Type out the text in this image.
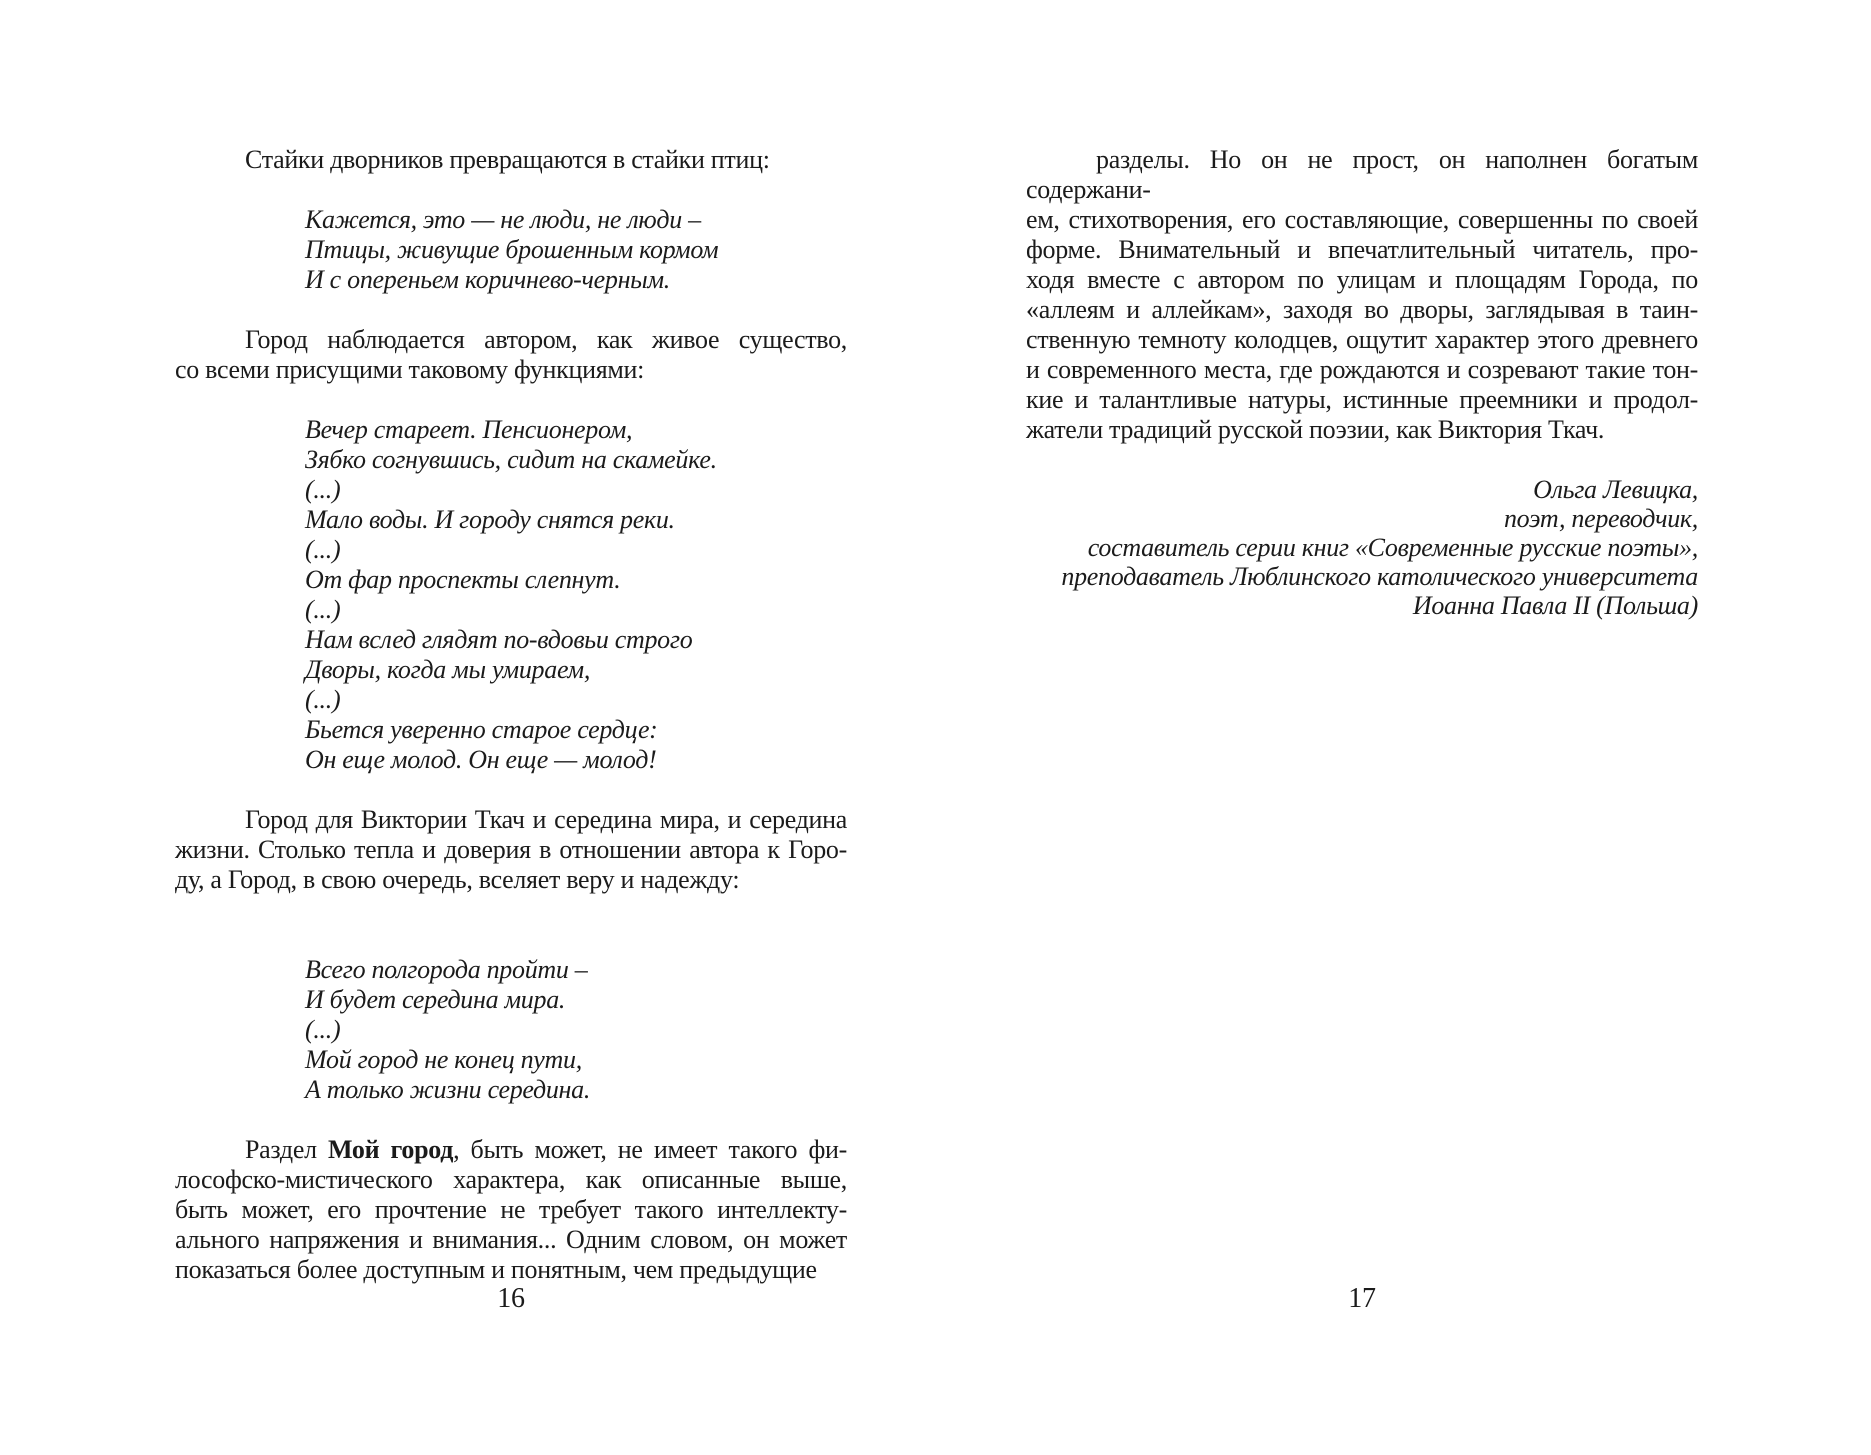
Стайки дворников превращаются в стайки птиц:
Кажется, это — не люди, не люди –
Птицы, живущие брошенным кормом
И с опереньем коричнево-черным.
Город наблюдается автором, как живое существо,
со всеми присущими таковому функциями:
Вечер стареет. Пенсионером,
Зябко согнувшись, сидит на скамейке.
(...)
Мало воды. И городу снятся реки.
(...)
От фар проспекты слепнут.
(...)
Нам вслед глядят по-вдовьи строго
Дворы, когда мы умираем,
(...)
Бьется уверенно старое сердце:
Он еще молод. Он еще — молод!
Город для Виктории Ткач и середина мира, и середина
жизни. Столько тепла и доверия в отношении автора к Горо-
ду, а Город, в свою очередь, вселяет веру и надежду:
Всего полгорода пройти –
И будет середина мира.
(...)
Мой город не конец пути,
А только жизни середина.
Раздел Мой город, быть может, не имеет такого фи-
лософско-мистического характера, как описанные выше,
быть может, его прочтение не требует такого интеллекту-
ального напряжения и внимания... Одним словом, он может
показаться более доступным и понятным, чем предыдущие
разделы. Но он не прост, он наполнен богатым содержани-
ем, стихотворения, его составляющие, совершенны по своей
форме. Внимательный и впечатлительный читатель, про-
ходя вместе с автором по улицам и площадям Города, по
«аллеям и аллейкам», заходя во дворы, заглядывая в таин-
ственную темноту колодцев, ощутит характер этого древнего
и современного места, где рождаются и созревают такие тон-
кие и талантливые натуры, истинные преемники и продол-
жатели традиций русской поэзии, как Виктория Ткач.
Ольга Левицка,
поэт, переводчик,
составитель серии книг «Современные русские поэты»,
преподаватель Люблинского католического университета
Иоанна Павла II (Польша)
16	17
